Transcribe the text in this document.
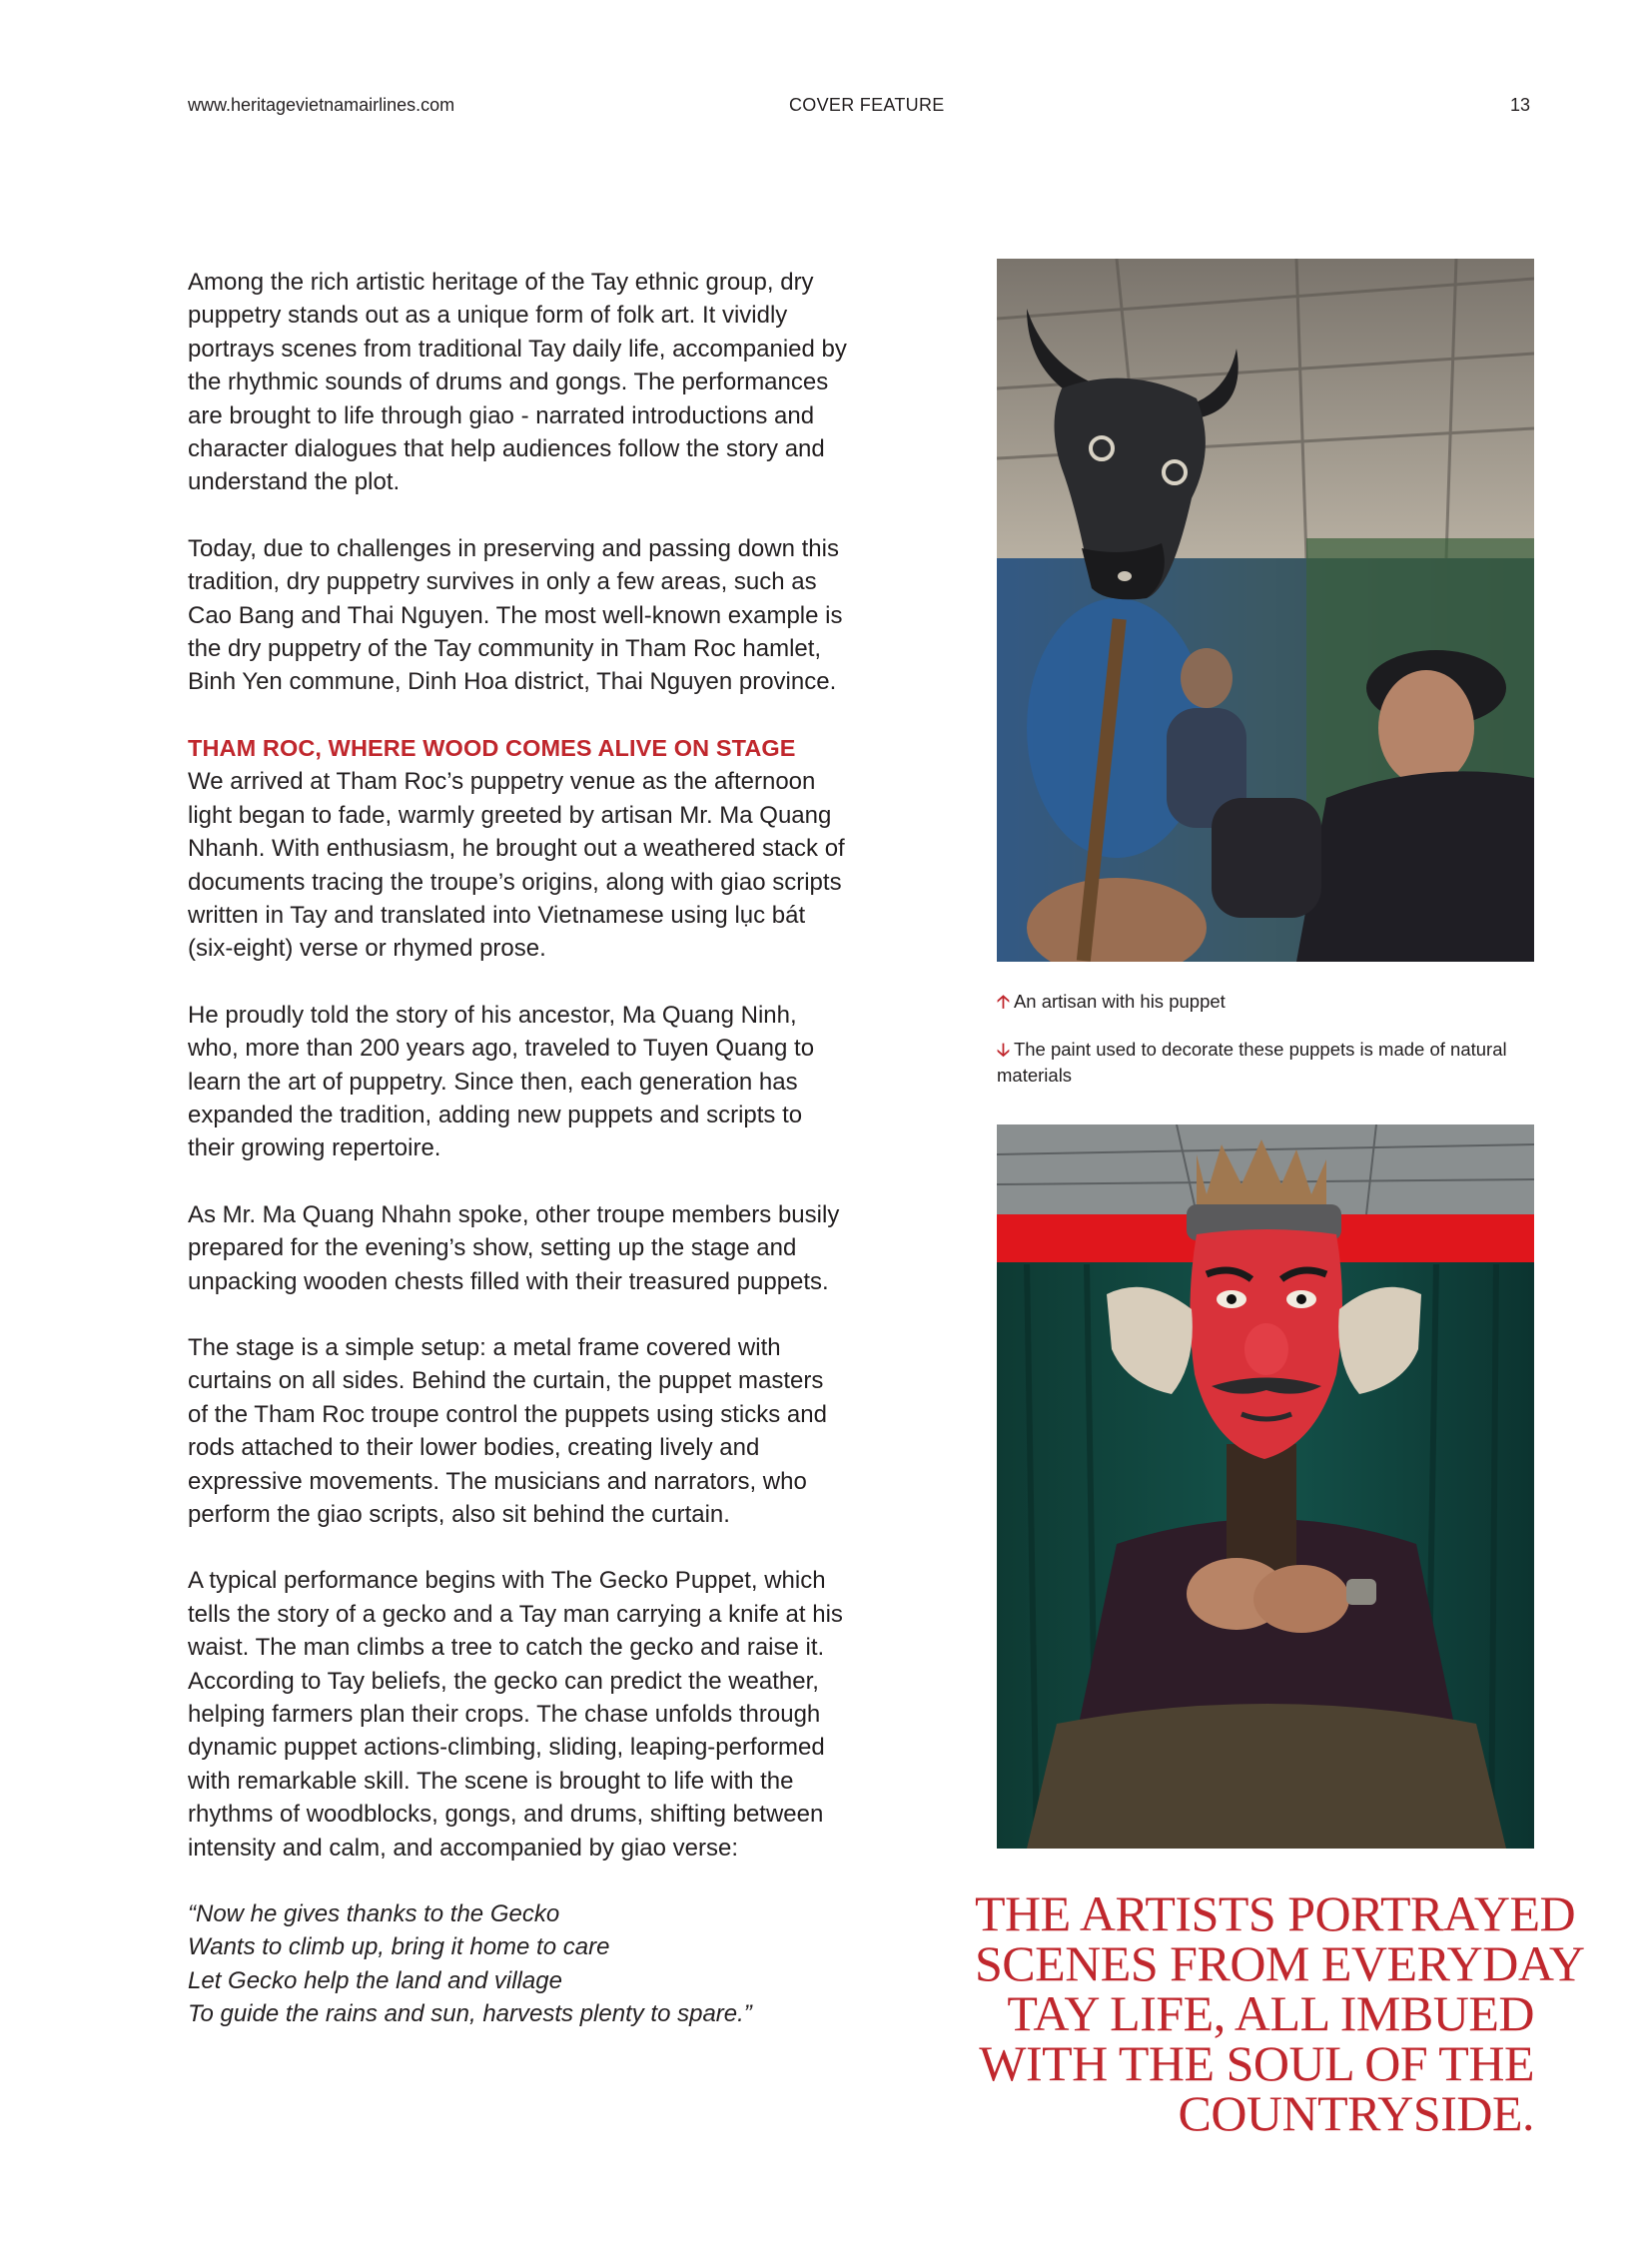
www.heritagevietnamairlines.com	COVER FEATURE	13

Among the rich artistic heritage of the Tay ethnic group, dry puppetry stands out as a unique form of folk art. It vividly portrays scenes from traditional Tay daily life, accompanied by the rhythmic sounds of drums and gongs. The performances are brought to life through giao - narrated introductions and character dialogues that help audiences follow the story and understand the plot.

Today, due to challenges in preserving and passing down this tradition, dry puppetry survives in only a few areas, such as Cao Bang and Thai Nguyen. The most well-known example is the dry puppetry of the Tay community in Tham Roc hamlet, Binh Yen commune, Dinh Hoa district, Thai Nguyen province.

THAM ROC, WHERE WOOD COMES ALIVE ON STAGE

We arrived at Tham Roc’s puppetry venue as the afternoon light began to fade, warmly greeted by artisan Mr. Ma Quang Nhanh. With enthusiasm, he brought out a weathered stack of documents tracing the troupe’s origins, along with giao scripts written in Tay and translated into Vietnamese using lục bát (six-eight) verse or rhymed prose.

He proudly told the story of his ancestor, Ma Quang Ninh, who, more than 200 years ago, traveled to Tuyen Quang to learn the art of puppetry. Since then, each generation has expanded the tradition, adding new puppets and scripts to their growing repertoire.

As Mr. Ma Quang Nhahn spoke, other troupe members busily prepared for the evening’s show, setting up the stage and unpacking wooden chests filled with their treasured puppets.

The stage is a simple setup: a metal frame covered with curtains on all sides. Behind the curtain, the puppet masters of the Tham Roc troupe control the puppets using sticks and rods attached to their lower bodies, creating lively and expressive movements. The musicians and narrators, who perform the giao scripts, also sit behind the curtain.

A typical performance begins with The Gecko Puppet, which tells the story of a gecko and a Tay man carrying a knife at his waist. The man climbs a tree to catch the gecko and raise it. According to Tay beliefs, the gecko can predict the weather, helping farmers plan their crops. The chase unfolds through dynamic puppet actions-climbing, sliding, leaping-performed with remarkable skill. The scene is brought to life with the rhythms of woodblocks, gongs, and drums, shifting between intensity and calm, and accompanied by giao verse:

“Now he gives thanks to the Gecko
Wants to climb up, bring it home to care
Let Gecko help the land and village
To guide the rains and sun, harvests plenty to spare.”

🡡 An artisan with his puppet

🡣 The paint used to decorate these puppets is made of natural materials

THE ARTISTS PORTRAYED
SCENES FROM EVERYDAY
TAY LIFE, ALL IMBUED
WITH THE SOUL OF THE
COUNTRYSIDE.
